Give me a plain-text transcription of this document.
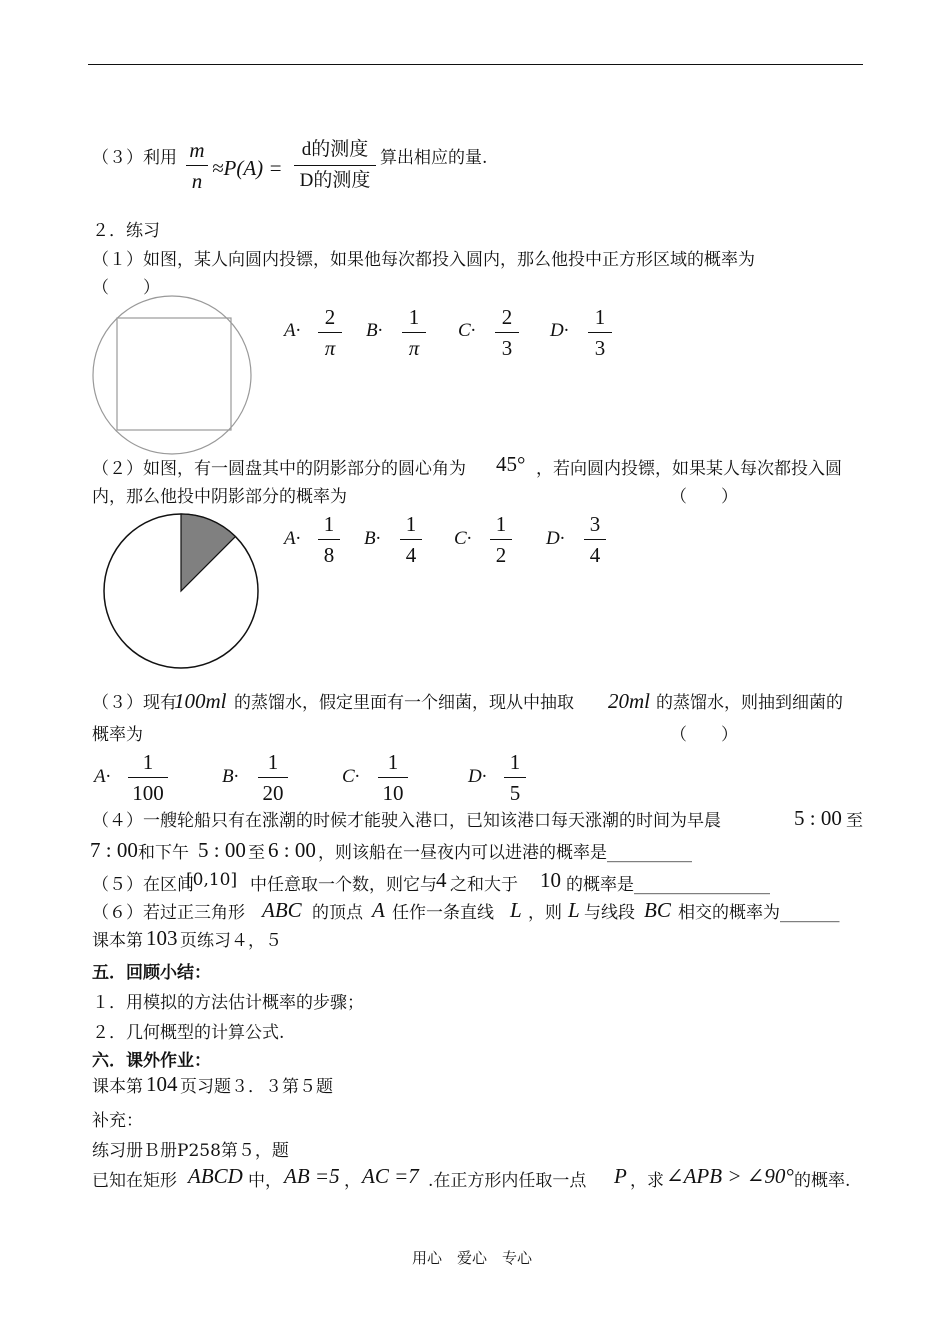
（３）利用 m
n
≈P(A) =
d的测度
D的测度
算出相应的量.
２．练习
（１）如图，某人向圆内投镖，如果他每次都投入圆内，那么他投中正方形区域的概率为
（　　）
A·
2
π
B·
1
π
C·
2
3
D·
1
3
（２）如图，有一圆盘其中的阴影部分的圆心角为 45° ，若向圆内投镖，如果某人每次都投入圆
内，那么他投中阴影部分的概率为	（　　）
A·
1
8
B·
1
4
C·
1
2
D·
3
4
（３）现有
100ml 的蒸馏水，假定里面有一个细菌，现从中抽取 20ml 的蒸馏水，则抽到细菌的
概率为	（　　）
A·
1
100
B·
1
20
C·
1
10
D·
1
5
（４）一艘轮船只有在涨潮的时候才能驶入港口，已知该港口每天涨潮的时间为早晨	5 : 00 至
7 : 00 和下午 5 : 00 至 6 : 00 ，则该船在一昼夜内可以进港的概率是__________
（５）在区间
[0,10] 中任意取一个数，则它与 4 之和大于 10 的概率是________________
（６）若过正三角形 ABC 的顶点 A 任作一条直线 L ，则 L 与线段 BC 相交的概率为_______
课本第 103 页练习４，５
五．回顾小结：
１．用模拟的方法估计概率的步骤；
２．几何概型的计算公式.
六．课外作业：
课本第 104 页习题３．３第５题
补充：
练习册Ｂ册P258第５，题
已知在矩形 ABCD 中， AB =5 ， AC =7 .在正方形内任取一点 P ，求 ∠APB > ∠90° 的概率.
用心　爱心　专心
